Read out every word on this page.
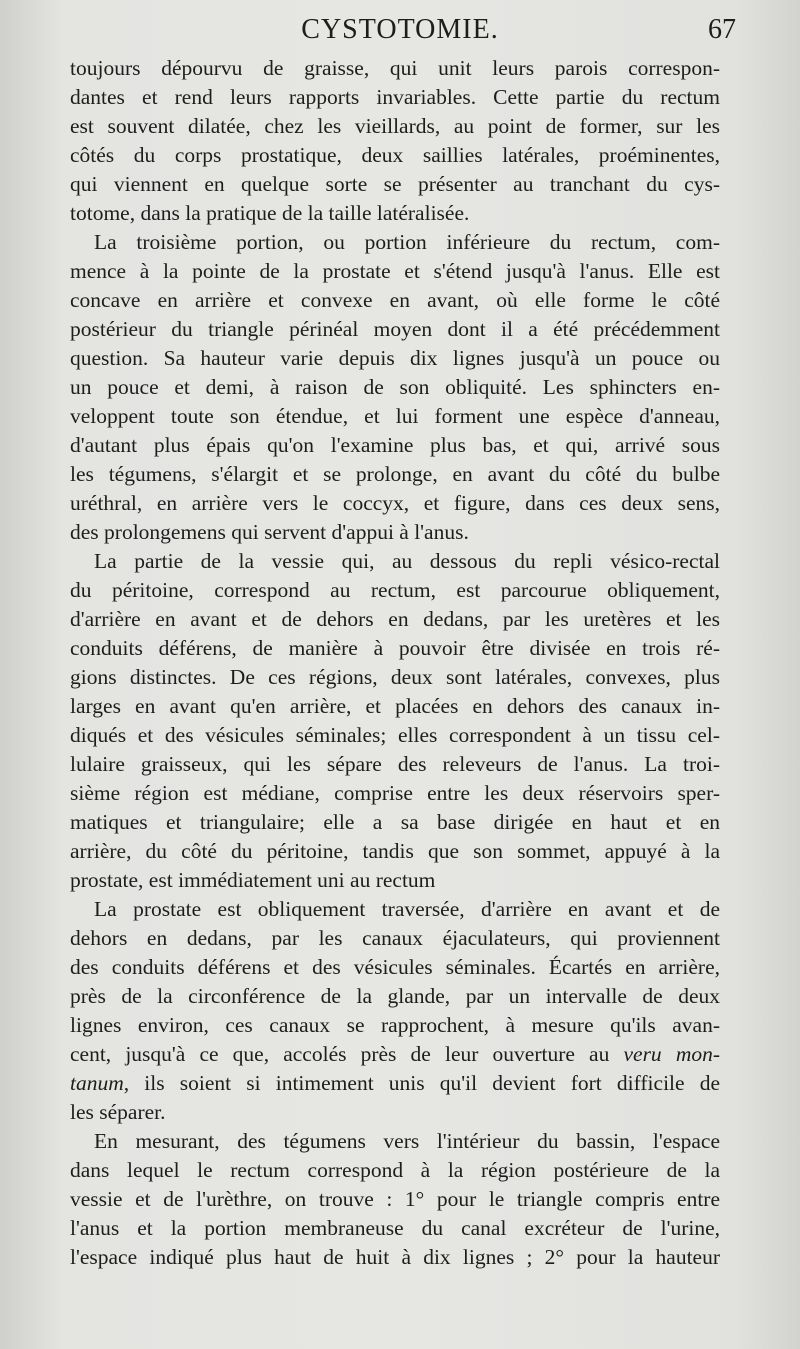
CYSTOTOMIE.	67
toujours dépourvu de graisse, qui unit leurs parois correspon-
dantes et rend leurs rapports invariables. Cette partie du rectum
est souvent dilatée, chez les vieillards, au point de former, sur les
côtés du corps prostatique, deux saillies latérales, proéminentes,
qui viennent en quelque sorte se présenter au tranchant du cys-
totome, dans la pratique de la taille latéralisée.
La troisième portion, ou portion inférieure du rectum, com-
mence à la pointe de la prostate et s'étend jusqu'à l'anus. Elle est
concave en arrière et convexe en avant, où elle forme le côté
postérieur du triangle périnéal moyen dont il a été précédemment
question. Sa hauteur varie depuis dix lignes jusqu'à un pouce ou
un pouce et demi, à raison de son obliquité. Les sphincters en-
veloppent toute son étendue, et lui forment une espèce d'anneau,
d'autant plus épais qu'on l'examine plus bas, et qui, arrivé sous
les tégumens, s'élargit et se prolonge, en avant du côté du bulbe
uréthral, en arrière vers le coccyx, et figure, dans ces deux sens,
des prolongemens qui servent d'appui à l'anus.
La partie de la vessie qui, au dessous du repli vésico-rectal
du péritoine, correspond au rectum, est parcourue obliquement,
d'arrière en avant et de dehors en dedans, par les uretères et les
conduits déférens, de manière à pouvoir être divisée en trois ré-
gions distinctes. De ces régions, deux sont latérales, convexes, plus
larges en avant qu'en arrière, et placées en dehors des canaux in-
diqués et des vésicules séminales; elles correspondent à un tissu cel-
lulaire graisseux, qui les sépare des releveurs de l'anus. La troi-
sième région est médiane, comprise entre les deux réservoirs sper-
matiques et triangulaire; elle a sa base dirigée en haut et en
arrière, du côté du péritoine, tandis que son sommet, appuyé à la
prostate, est immédiatement uni au rectum
La prostate est obliquement traversée, d'arrière en avant et de
dehors en dedans, par les canaux éjaculateurs, qui proviennent
des conduits déférens et des vésicules séminales. Écartés en arrière,
près de la circonférence de la glande, par un intervalle de deux
lignes environ, ces canaux se rapprochent, à mesure qu'ils avan-
cent, jusqu'à ce que, accolés près de leur ouverture au veru mon-
tanum, ils soient si intimement unis qu'il devient fort difficile de
les séparer.
En mesurant, des tégumens vers l'intérieur du bassin, l'espace
dans lequel le rectum correspond à la région postérieure de la
vessie et de l'urèthre, on trouve : 1° pour le triangle compris entre
l'anus et la portion membraneuse du canal excréteur de l'urine,
l'espace indiqué plus haut de huit à dix lignes ; 2° pour la hauteur
